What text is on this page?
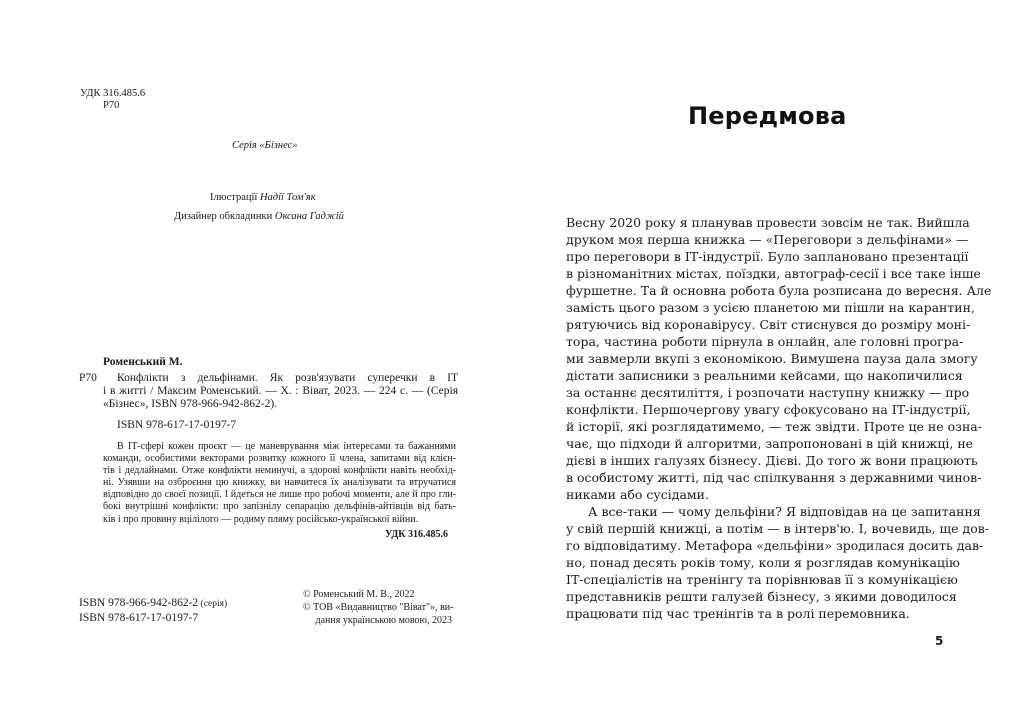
УДК 316.485.6
Р70
Серія «Бізнес»
Ілюстрації Надії Том'як
Дизайнер обкладинки Оксана Гаджій
Роменський М.
Р70	Конфлікти з дельфінами. Як розв'язувати суперечки в ІТ
і в житті / Максим Роменський. — Х. : Віват, 2023. — 224 с. — (Серія
«Бізнес», ISBN 978-966-942-862-2).
ISBN 978-617-17-0197-7
В ІТ-сфері кожен проєкт — це маневрування між інтересами та бажаннями
команди, особистими векторами розвитку кожного її члена, запитами від клієн-
тів і дедлайнами. Отже конфлікти неминучі, а здорові конфлікти навіть необхід-
ні. Узявши на озброєння цю книжку, ви навчитеся їх аналізувати та втручатися
відповідно до своєї позиції. І йдеться не лише про робочі моменти, але й про гли-
бокі внутрішні конфлікти: про запізнілу сепарацію дельфінів-айтівців від бать-
ків і про провину вцілілого — родиму пляму російсько-української війни.
УДК 316.485.6
ISBN 978-966-942-862-2 (серія)
ISBN 978-617-17-0197-7
© Роменський М. В., 2022
© ТОВ «Видавництво "Віват"», ви-
дання українською мовою, 2023
Передмова
Весну 2020 року я планував провести зовсім не так. Вийшла
друком моя перша книжка — «Переговори з дельфінами» —
про переговори в ІТ-індустрії. Було заплановано презентації
в різноманітних містах, поїздки, автограф-сесії і все таке інше
фуршетне. Та й основна робота була розписана до вересня. Але
замість цього разом з усією планетою ми пішли на карантин,
рятуючись від коронавірусу. Світ стиснувся до розміру моні-
тора, частина роботи пірнула в онлайн, але головні програ-
ми завмерли вкупі з економікою. Вимушена пауза дала змогу
дістати записники з реальними кейсами, що накопичилися
за останнє десятиліття, і розпочати наступну книжку — про
конфлікти. Першочергову увагу сфокусовано на ІТ-індустрії,
й історії, які розглядатимемо, — теж звідти. Проте це не озна-
чає, що підходи й алгоритми, запропоновані в цій книжці, не
дієві в інших галузях бізнесу. Дієві. До того ж вони працюють
в особистому житті, під час спілкування з державними чинов-
никами або сусідами.
А все-таки — чому дельфіни? Я відповідав на це запитання
у свій першій книжці, а потім — в інтерв'ю. І, вочевидь, ще дов-
го відповідатиму. Метафора «дельфіни» зродилася досить дав-
но, понад десять років тому, коли я розглядав комунікацію
ІТ-спеціалістів на тренінгу та порівнював її з комунікацією
представників решти галузей бізнесу, з якими доводилося
працювати під час тренінгів та в ролі перемовника.
5
